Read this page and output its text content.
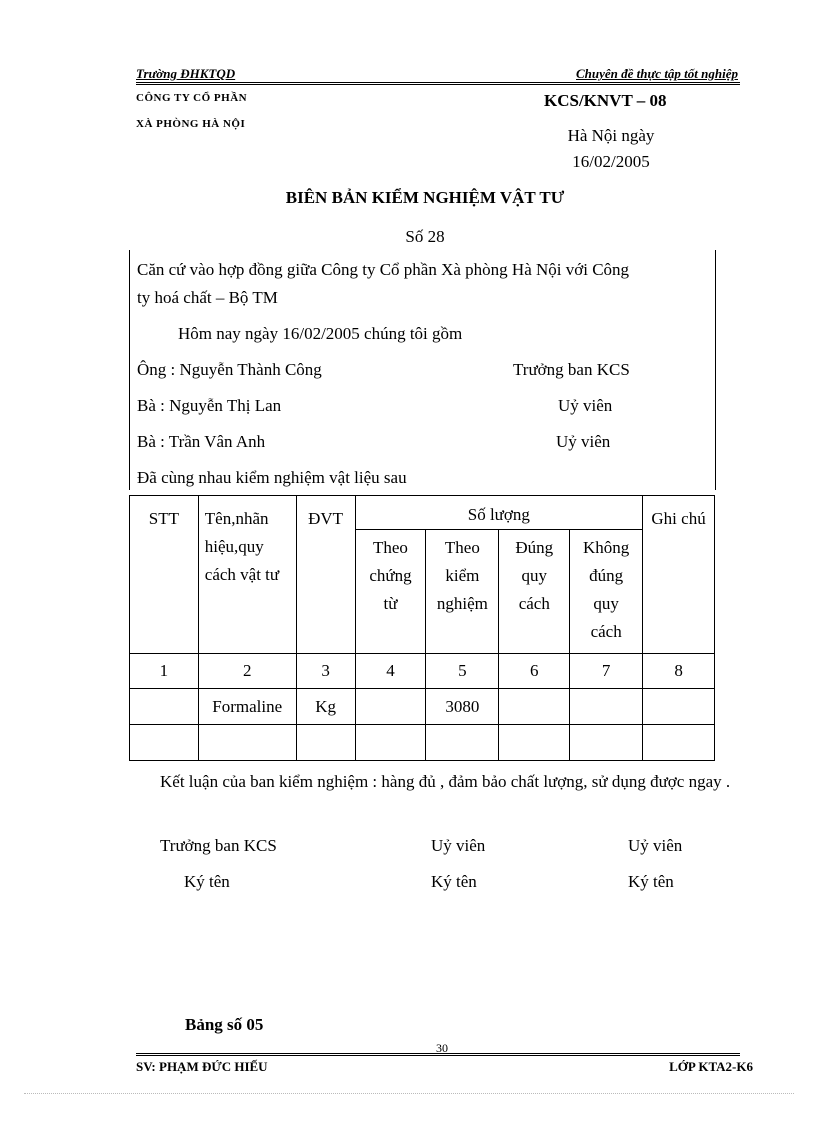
Trường ĐHKTQD	Chuyên đề thực tập tốt nghiệp
CÔNG TY CỔ PHẦN
XÀ PHÒNG HÀ NỘI
KCS/KNVT – 08
Hà Nội ngày
16/02/2005
BIÊN BẢN KIỂM NGHIỆM VẬT TƯ
Số 28
Căn cứ vào hợp đồng giữa Công ty Cổ phần Xà phòng Hà Nội với Công
ty hoá chất – Bộ TM
Hôm nay ngày 16/02/2005 chúng tôi gồm
Ông : Nguyễn Thành Công	Trưởng ban KCS
Bà : Nguyễn Thị Lan	Uỷ viên
Bà : Trần Vân Anh	Uỷ viên
Đã cùng nhau kiểm nghiệm vật liệu sau
STT	Tên,nhãn hiệu,quy cách vật tư	ĐVT	Số lượng				Ghi chú
			Theo chứng từ	Theo kiểm nghiệm	Đúng quy cách	Không đúng quy cách	
1	2	3	4	5	6	7	8
	Formaline	Kg		3080			

Kết luận của ban kiểm nghiệm : hàng đủ , đảm bảo chất lượng, sử dụng được ngay .
Trưởng ban KCS	Uỷ viên	Uỷ viên
Ký tên	Ký tên	Ký tên
Bảng số 05
30
SV: PHẠM ĐỨC HIẾU	LỚP KTA2-K6
